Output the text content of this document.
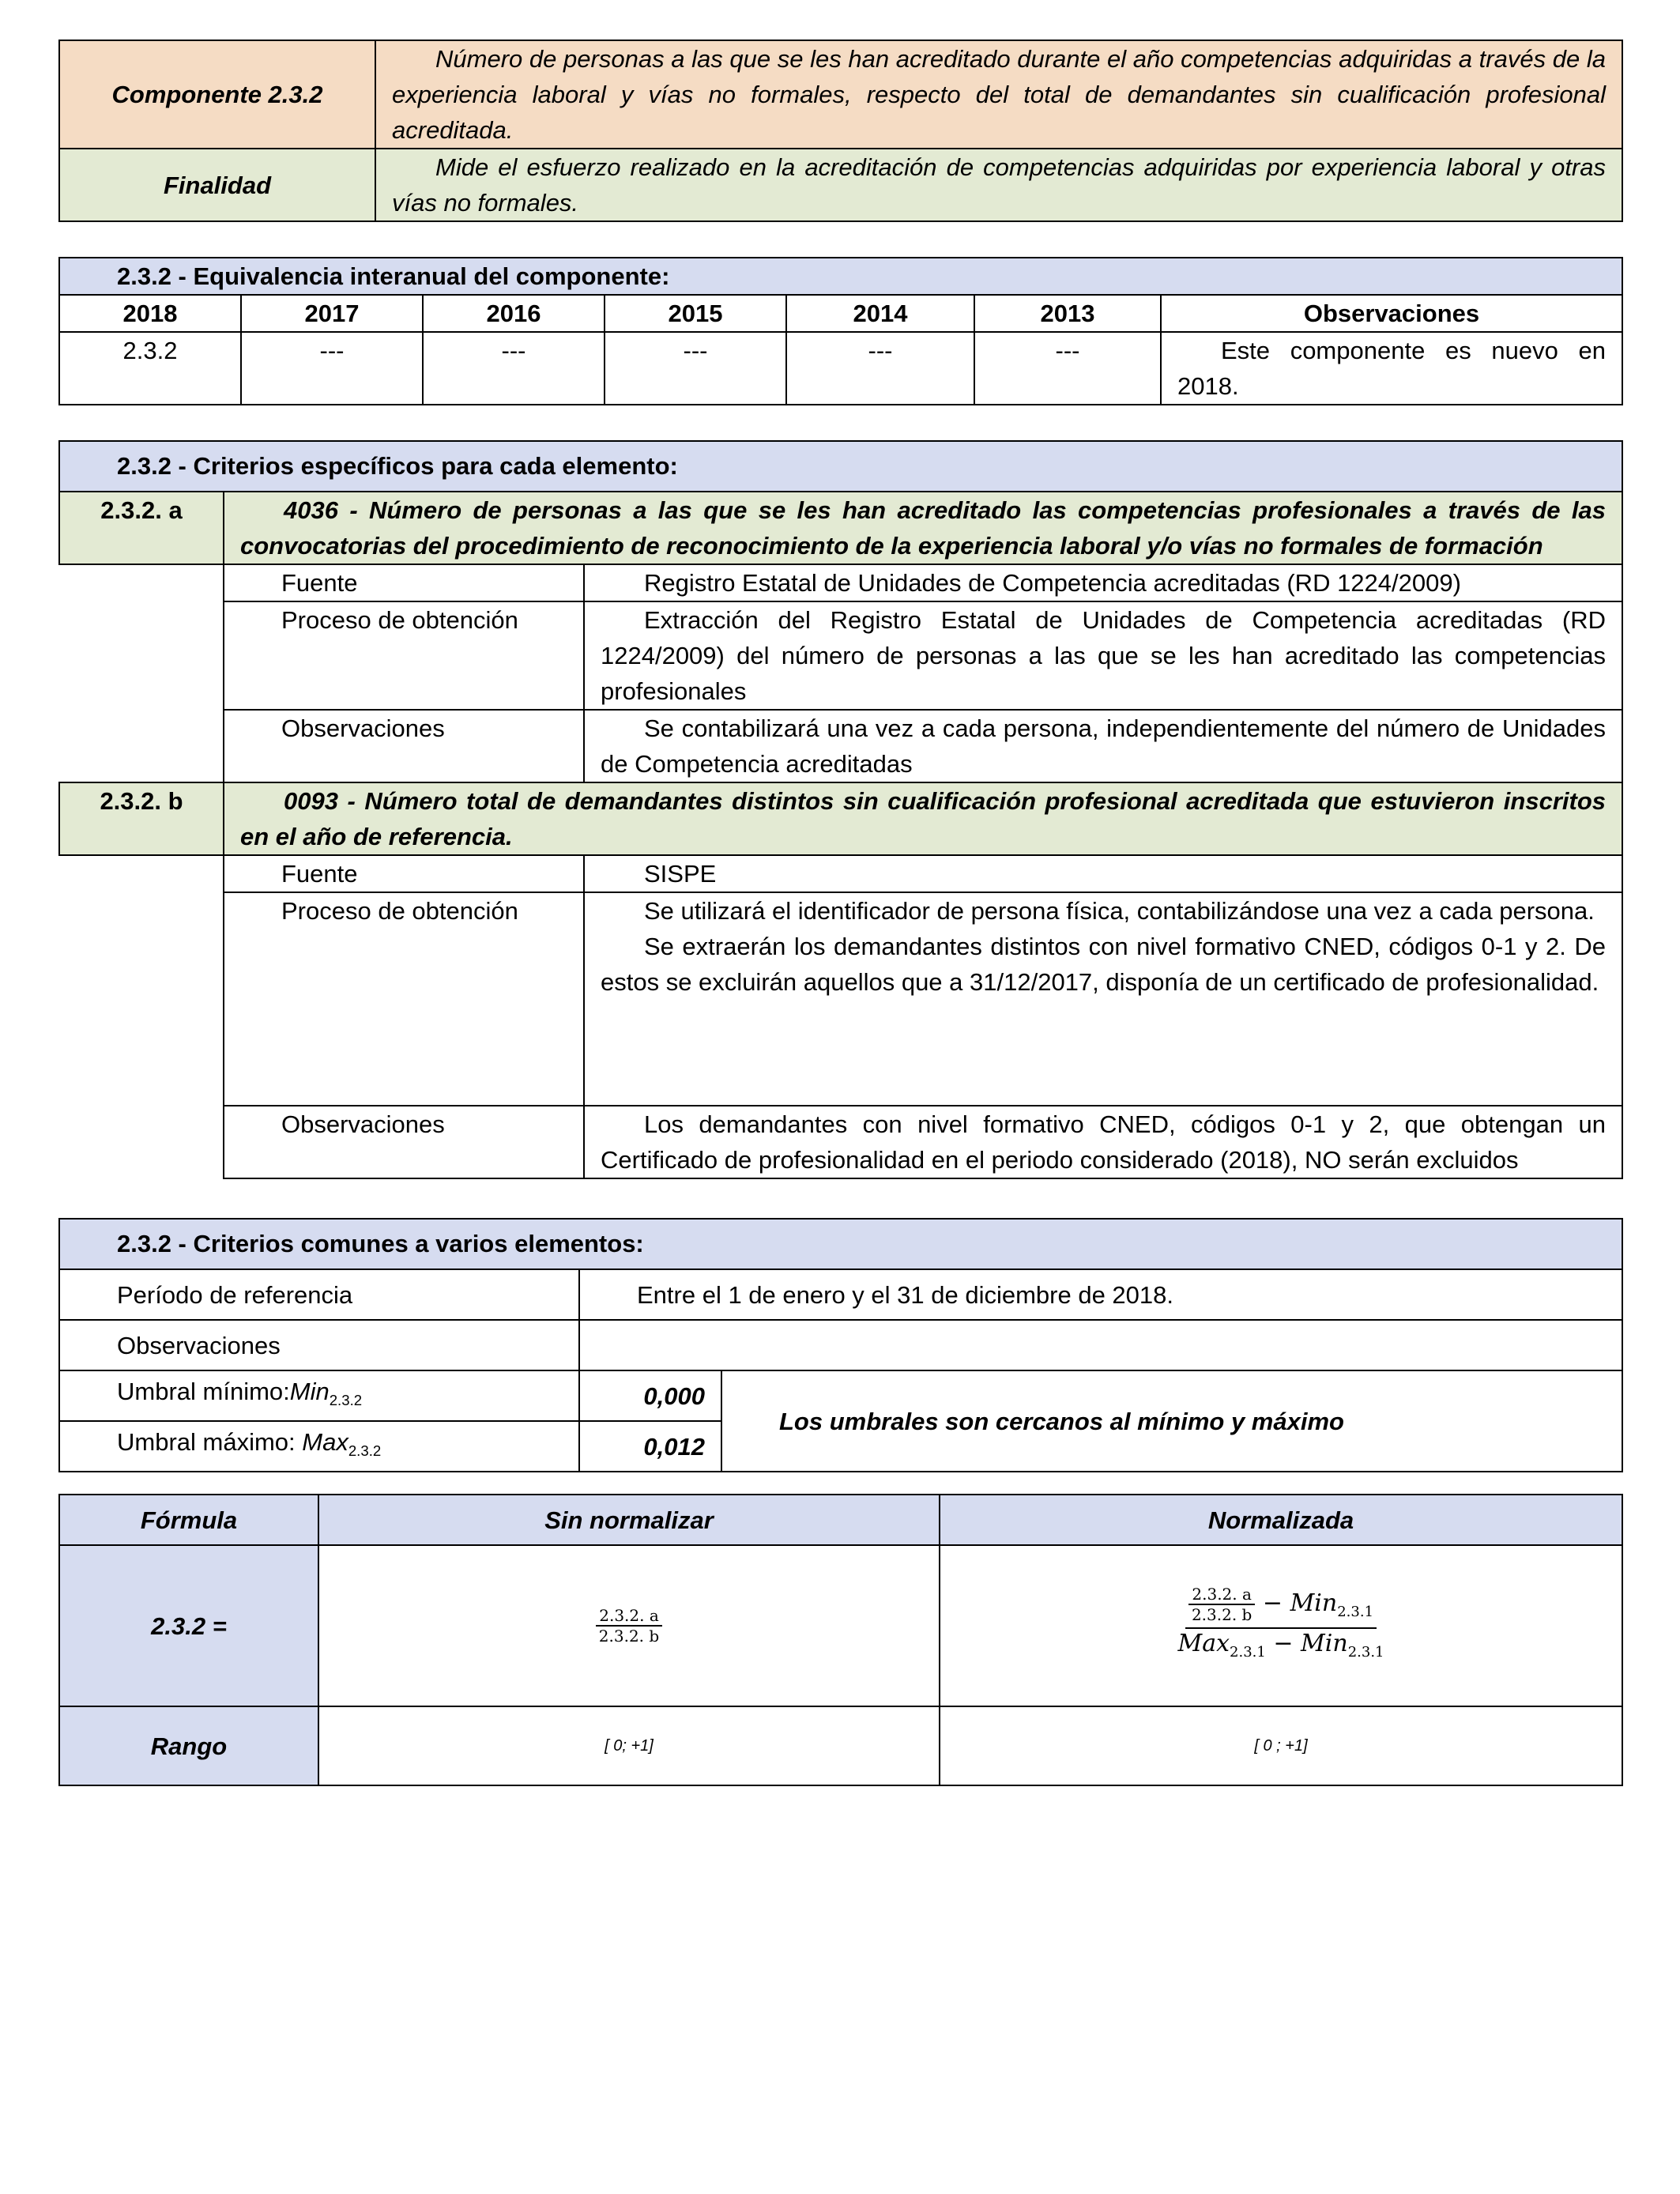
Componente 2.3.2	Número de personas a las que se les han acreditado durante el año competencias adquiridas a través de la experiencia laboral y vías no formales, respecto del total de demandantes sin cualificación profesional acreditada.
Finalidad	Mide el esfuerzo realizado en la acreditación de competencias adquiridas por experiencia laboral y otras vías no formales.
2.3.2 - Equivalencia interanual del componente:						
2018	2017	2016	2015	2014	2013	Observaciones
2.3.2	---	---	---	---	---	Este componente es nuevo en 2018.
2.3.2 - Criterios específicos para cada elemento:		
2.3.2. a	4036 - Número de personas a las que se les han acreditado las competencias profesionales a través de las convocatorias del procedimiento de reconocimiento de la experiencia laboral y/o vías no formales de formación	
	Fuente	Registro Estatal de Unidades de Competencia acreditadas (RD 1224/2009)
	Proceso de obtención	Extracción del Registro Estatal de Unidades de Competencia acreditadas (RD 1224/2009) del número de personas a las que se les han acreditado las competencias profesionales
	Observaciones	Se contabilizará una vez a cada persona, independientemente del número de Unidades de Competencia acreditadas
2.3.2. b	0093 - Número total de demandantes distintos sin cualificación profesional acreditada que estuvieron inscritos en el año de referencia.	
	Fuente	SISPE
	Proceso de obtención	Se utilizará el identificador de persona física, contabilizándose una vez a cada persona.
Se extraerán los demandantes distintos con nivel formativo CNED, códigos 0-1 y 2. De estos se excluirán aquellos que a 31/12/2017, disponía de un certificado de profesionalidad.

	Observaciones	Los demandantes con nivel formativo CNED, códigos 0-1 y 2, que obtengan un Certificado de profesionalidad en el periodo considerado (2018), NO serán excluidos
2.3.2 - Criterios comunes a varios elementos:		
Período de referencia	Entre el 1 de enero y el 31 de diciembre de 2018.	
Observaciones		
Umbral mínimo:Min$_{2.3.2}$	0,000	Los umbrales son cercanos al mínimo y máximo
Umbral máximo: Max$_{2.3.2}$	0,012	
Fórmula	Sin normalizar	Normalizada
2.3.2 =	$\frac{2.3.2. a}{2.3.2. b}$	$\frac{2.3.2. a}{2.3.2. b} - Min_{2.3.1}$
Max$_{2.3.1}$ − Min$_{2.3.1}$

Rango	[ 0; +1]	[ 0 ; +1]
